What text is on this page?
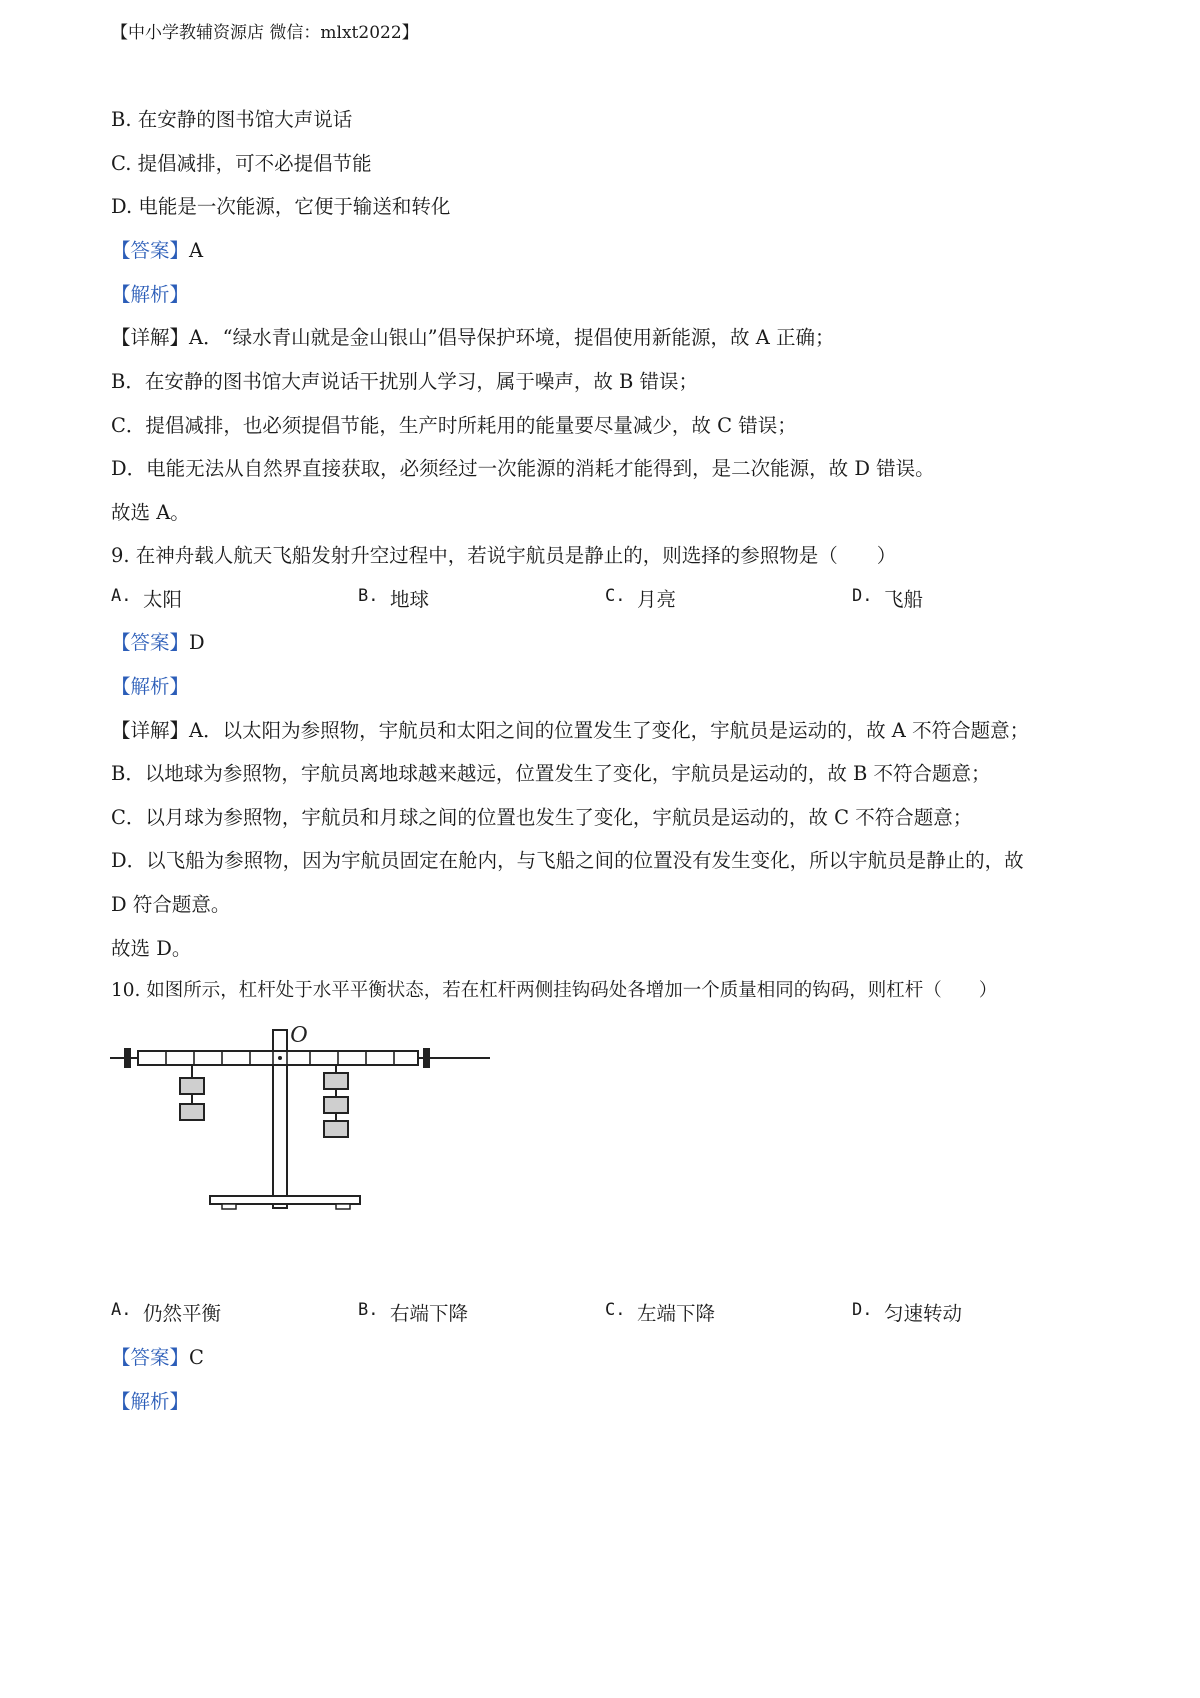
【中小学教辅资源店 微信：mlxt2022】
B. 在安静的图书馆大声说话
C. 提倡减排，可不必提倡节能
D. 电能是一次能源，它便于输送和转化
【答案】A
【解析】
【详解】A．“绿水青山就是金山银山”倡导保护环境，提倡使用新能源，故 A 正确；
B．在安静的图书馆大声说话干扰别人学习，属于噪声，故 B 错误；
C．提倡减排，也必须提倡节能，生产时所耗用的能量要尽量减少，故 C 错误；
D．电能无法从自然界直接获取，必须经过一次能源的消耗才能得到，是二次能源，故 D 错误。
故选 A。
9. 在神舟载人航天飞船发射升空过程中，若说宇航员是静止的，则选择的参照物是（　　）
A. 太阳	B. 地球	C. 月亮	D. 飞船
【答案】D
【解析】
【详解】A．以太阳为参照物，宇航员和太阳之间的位置发生了变化，宇航员是运动的，故 A 不符合题意；
B．以地球为参照物，宇航员离地球越来越远，位置发生了变化，宇航员是运动的，故 B 不符合题意；
C．以月球为参照物，宇航员和月球之间的位置也发生了变化，宇航员是运动的，故 C 不符合题意；
D．以飞船为参照物，因为宇航员固定在舱内，与飞船之间的位置没有发生变化，所以宇航员是静止的，故
D 符合题意。
故选 D。
10. 如图所示，杠杆处于水平平衡状态，若在杠杆两侧挂钩码处各增加一个质量相同的钩码，则杠杆（　　）
O
A. 仍然平衡	B. 右端下降	C. 左端下降	D. 匀速转动
【答案】C
【解析】
